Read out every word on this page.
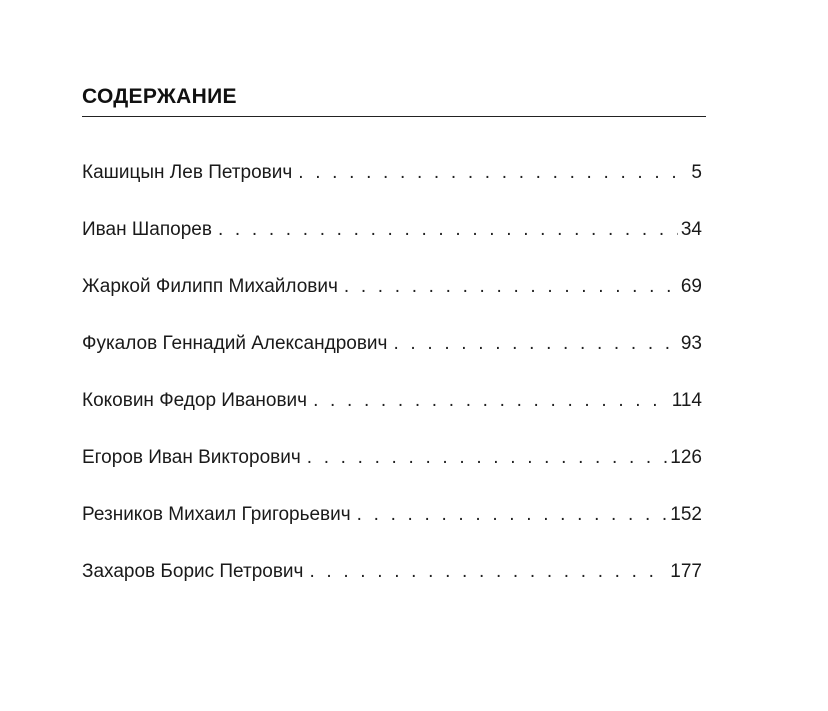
СОДЕРЖАНИЕ
Кашицын Лев Петрович . . .	5
Иван Шапорев . . .	34
Жаркой Филипп Михайлович . . .	69
Фукалов Геннадий Александрович . . .	93
Коковин Федор Иванович . . .	114
Егоров Иван Викторович . . .	126
Резников Михаил Григорьевич . . .	152
Захаров Борис Петрович . . .	177
